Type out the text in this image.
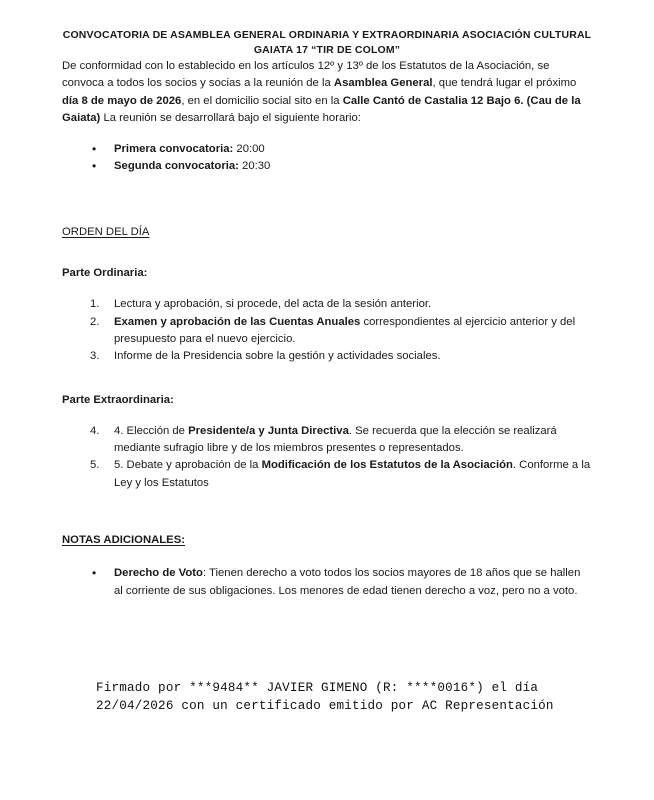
CONVOCATORIA DE ASAMBLEA GENERAL ORDINARIA Y EXTRAORDINARIA ASOCIACIÓN CULTURAL
GAIATA 17 “TIR DE COLOM”

De conformidad con lo establecido en los artículos 12º y 13º de los Estatutos de la Asociación, se convoca a todos los socios y socias a la reunión de la Asamblea General, que tendrá lugar el próximo día 8 de mayo de 2026, en el domicilio social sito en la Calle Cantó de Castalia 12 Bajo 6. (Cau de la Gaiata) La reunión se desarrollará bajo el siguiente horario:

• Primera convocatoria: 20:00
• Segunda convocatoria: 20:30
ORDEN DEL DÍA
Parte Ordinaria:
Lectura y aprobación, si procede, del acta de la sesión anterior.
Examen y aprobación de las Cuentas Anuales correspondientes al ejercicio anterior y del presupuesto para el nuevo ejercicio.
Informe de la Presidencia sobre la gestión y actividades sociales.
Parte Extraordinaria:
4. Elección de Presidente/a y Junta Directiva. Se recuerda que la elección se realizará mediante sufragio libre y de los miembros presentes o representados.
5. Debate y aprobación de la Modificación de los Estatutos de la Asociación. Conforme a la Ley y los Estatutos
NOTAS ADICIONALES:
• Derecho de Voto: Tienen derecho a voto todos los socios mayores de 18 años que se hallen al corriente de sus obligaciones. Los menores de edad tienen derecho a voz, pero no a voto.
Firmado por ***9484** JAVIER GIMENO (R: ****0016*) el día 22/04/2026 con un certificado emitido por AC Representación
